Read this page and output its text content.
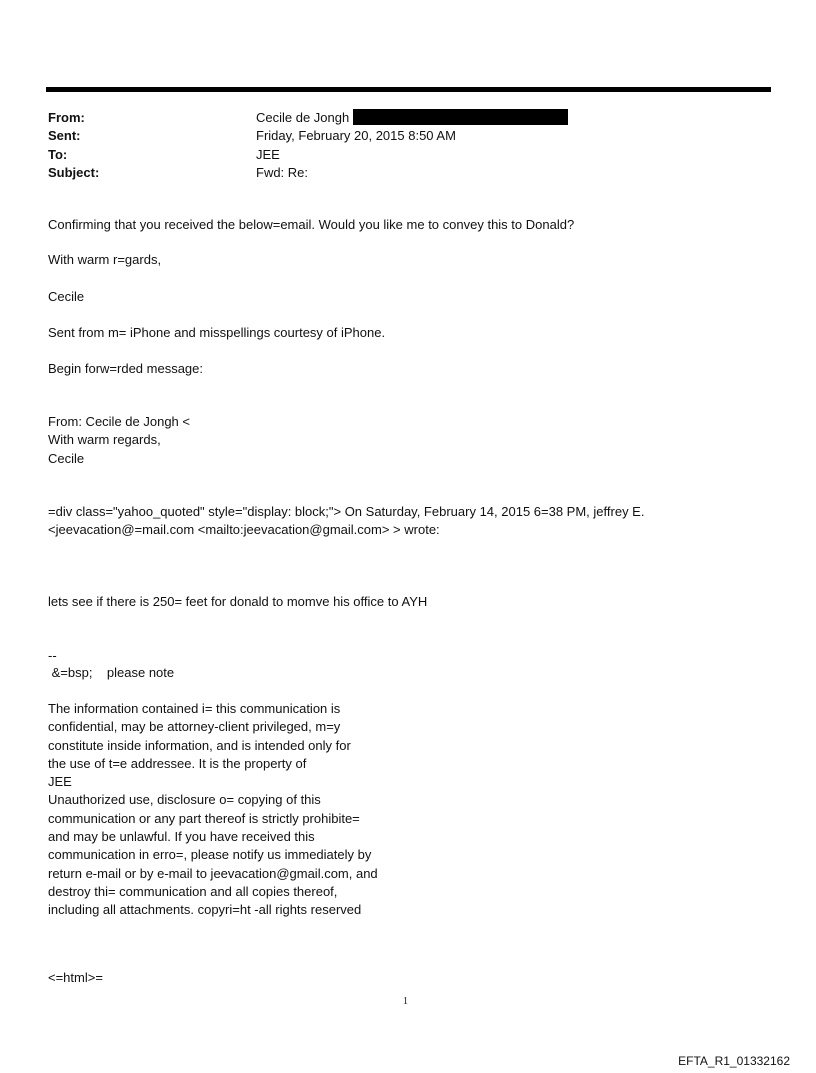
From:	Cecile de Jongh
Sent:	Friday, February 20, 2015 8:50 AM
To:	JEE
Subject:	Fwd: Re:
Confirming that you received the below=email. Would you like me to convey this to Donald?
With warm r=gards,
Cecile
Sent from m= iPhone and misspellings courtesy of iPhone.
Begin forw=rded message:
From: Cecile de Jongh <
With warm regards,
Cecile
=div class="yahoo_quoted" style="display: block;"> On Saturday, February 14, 2015 6=38 PM, jeffrey E.
<jeevacation@=mail.com <mailto:jeevacation@gmail.com> > wrote:
lets see if there is 250= feet for donald to momve his office to AYH
--
&=bsp;    please note
The information contained i= this communication is
confidential, may be attorney-client privileged, m=y
constitute inside information, and is intended only for
the use of t=e addressee. It is the property of
JEE
Unauthorized use, disclosure o= copying of this
communication or any part thereof is strictly prohibite=
and may be unlawful. If you have received this
communication in erro=, please notify us immediately by
return e-mail or by e-mail to jeevacation@gmail.com, and
destroy thi= communication and all copies thereof,
including all attachments. copyri=ht -all rights reserved
<=html>=
1
EFTA_R1_01332162
